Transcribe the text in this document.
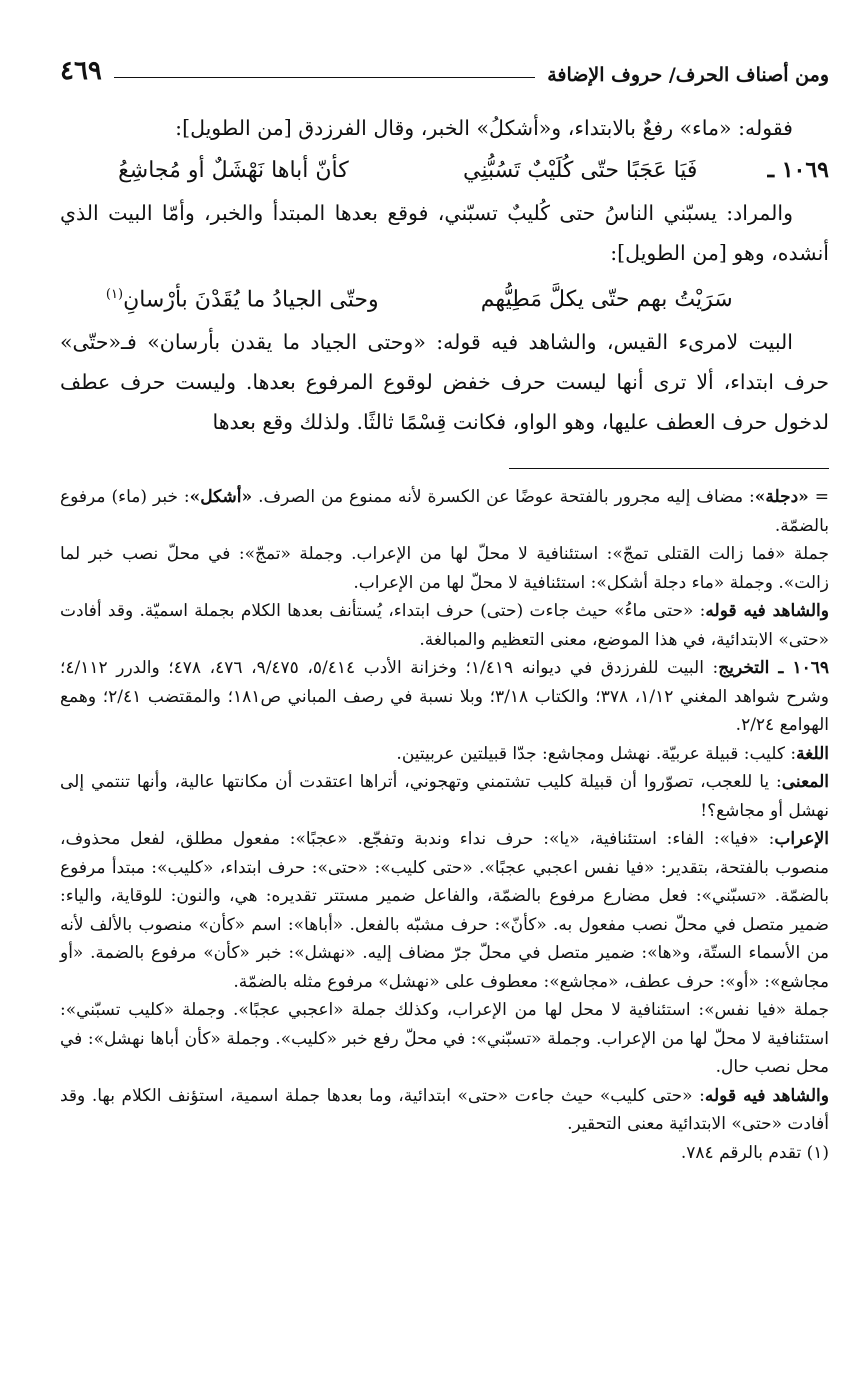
ومن أصناف الحرف/ حروف الإضافة
٤٦٩

فقوله: «ماء» رفعٌ بالابتداء، و«أشكلُ» الخبر، وقال الفرزدق [من الطويل]:

١٠٦٩ ـ
فَيَا عَجَبًا حتّى كُلَيْبٌ تَسُبُّنِي
كأنّ أباها نَهْشَلٌ أو مُجاشِعُ

والمراد: يسبّني الناسُ حتى كُليبٌ تسبّني، فوقع بعدها المبتدأ والخبر، وأمّا البيت الذي أنشده، وهو [من الطويل]:

سَرَيْتُ بهم حتّى يكلَّ مَطِيُّهم
وحتّى الجيادُ ما يُقَدْنَ بأرْسانِ$^{(١)}$

البيت لامرىء القيس، والشاهد فيه قوله: «وحتى الجياد ما يقدن بأرسان» فـ«حتّى» حرف ابتداء، ألا ترى أنها ليست حرف خفض لوقوع المرفوع بعدها. وليست حرف عطف لدخول حرف العطف عليها، وهو الواو، فكانت قِسْمًا ثالثًا. ولذلك وقع بعدها

= «دجلة»: مضاف إليه مجرور بالفتحة عوضًا عن الكسرة لأنه ممنوع من الصرف. «أشكل»: خبر (ماء) مرفوع بالضمّة.

جملة «فما زالت القتلى تمجّ»: استئنافية لا محلّ لها من الإعراب. وجملة «تمجّ»: في محلّ نصب خبر لما زالت». وجملة «ماء دجلة أشكل»: استئنافية لا محلّ لها من الإعراب.

والشاهد فيه قوله: «حتى ماءُ» حيث جاءت (حتى) حرف ابتداء، يُستأنف بعدها الكلام بجملة اسميّة. وقد أفادت «حتى» الابتدائية، في هذا الموضع، معنى التعظيم والمبالغة.

١٠٦٩ ـ التخريج: البيت للفرزدق في ديوانه ١/٤١٩؛ وخزانة الأدب ٥/٤١٤، ٩/٤٧٥، ٤٧٦، ٤٧٨؛ والدرر ٤/١١٢؛ وشرح شواهد المغني ١/١٢، ٣٧٨؛ والكتاب ٣/١٨؛ وبلا نسبة في رصف المباني ص١٨١؛ والمقتضب ٢/٤١؛ وهمع الهوامع ٢/٢٤.

اللغة: كليب: قبيلة عربيّة. نهشل ومجاشع: جدّا قبيلتين عربيتين.

المعنى: يا للعجب، تصوّروا أن قبيلة كليب تشتمني وتهجوني، أتراها اعتقدت أن مكانتها عالية، وأنها تنتمي إلى نهشل أو مجاشع؟!

الإعراب: «فيا»: الفاء: استئنافية، «يا»: حرف نداء وندبة وتفجّع. «عجبًا»: مفعول مطلق، لفعل محذوف، منصوب بالفتحة، بتقدير: «فيا نفس اعجبي عجبًا». «حتى كليب»: «حتى»: حرف ابتداء، «كليب»: مبتدأ مرفوع بالضمّة. «تسبّني»: فعل مضارع مرفوع بالضمّة، والفاعل ضمير مستتر تقديره: هي، والنون: للوقاية، والياء: ضمير متصل في محلّ نصب مفعول به. «كأنّ»: حرف مشبّه بالفعل. «أباها»: اسم «كأن» منصوب بالألف لأنه من الأسماء الستّة، و«ها»: ضمير متصل في محلّ جرّ مضاف إليه. «نهشل»: خبر «كأن» مرفوع بالضمة. «أو مجاشع»: «أو»: حرف عطف، «مجاشع»: معطوف على «نهشل» مرفوع مثله بالضمّة.

جملة «فيا نفس»: استئنافية لا محل لها من الإعراب، وكذلك جملة «اعجبي عجبًا». وجملة «كليب تسبّني»: استئنافية لا محلّ لها من الإعراب. وجملة «تسبّني»: في محلّ رفع خبر «كليب». وجملة «كأن أباها نهشل»: في محل نصب حال.

والشاهد فيه قوله: «حتى كليب» حيث جاءت «حتى» ابتدائية، وما بعدها جملة اسمية، استؤنف الكلام بها. وقد أفادت «حتى» الابتدائية معنى التحقير.

(١) تقدم بالرقم ٧٨٤.
